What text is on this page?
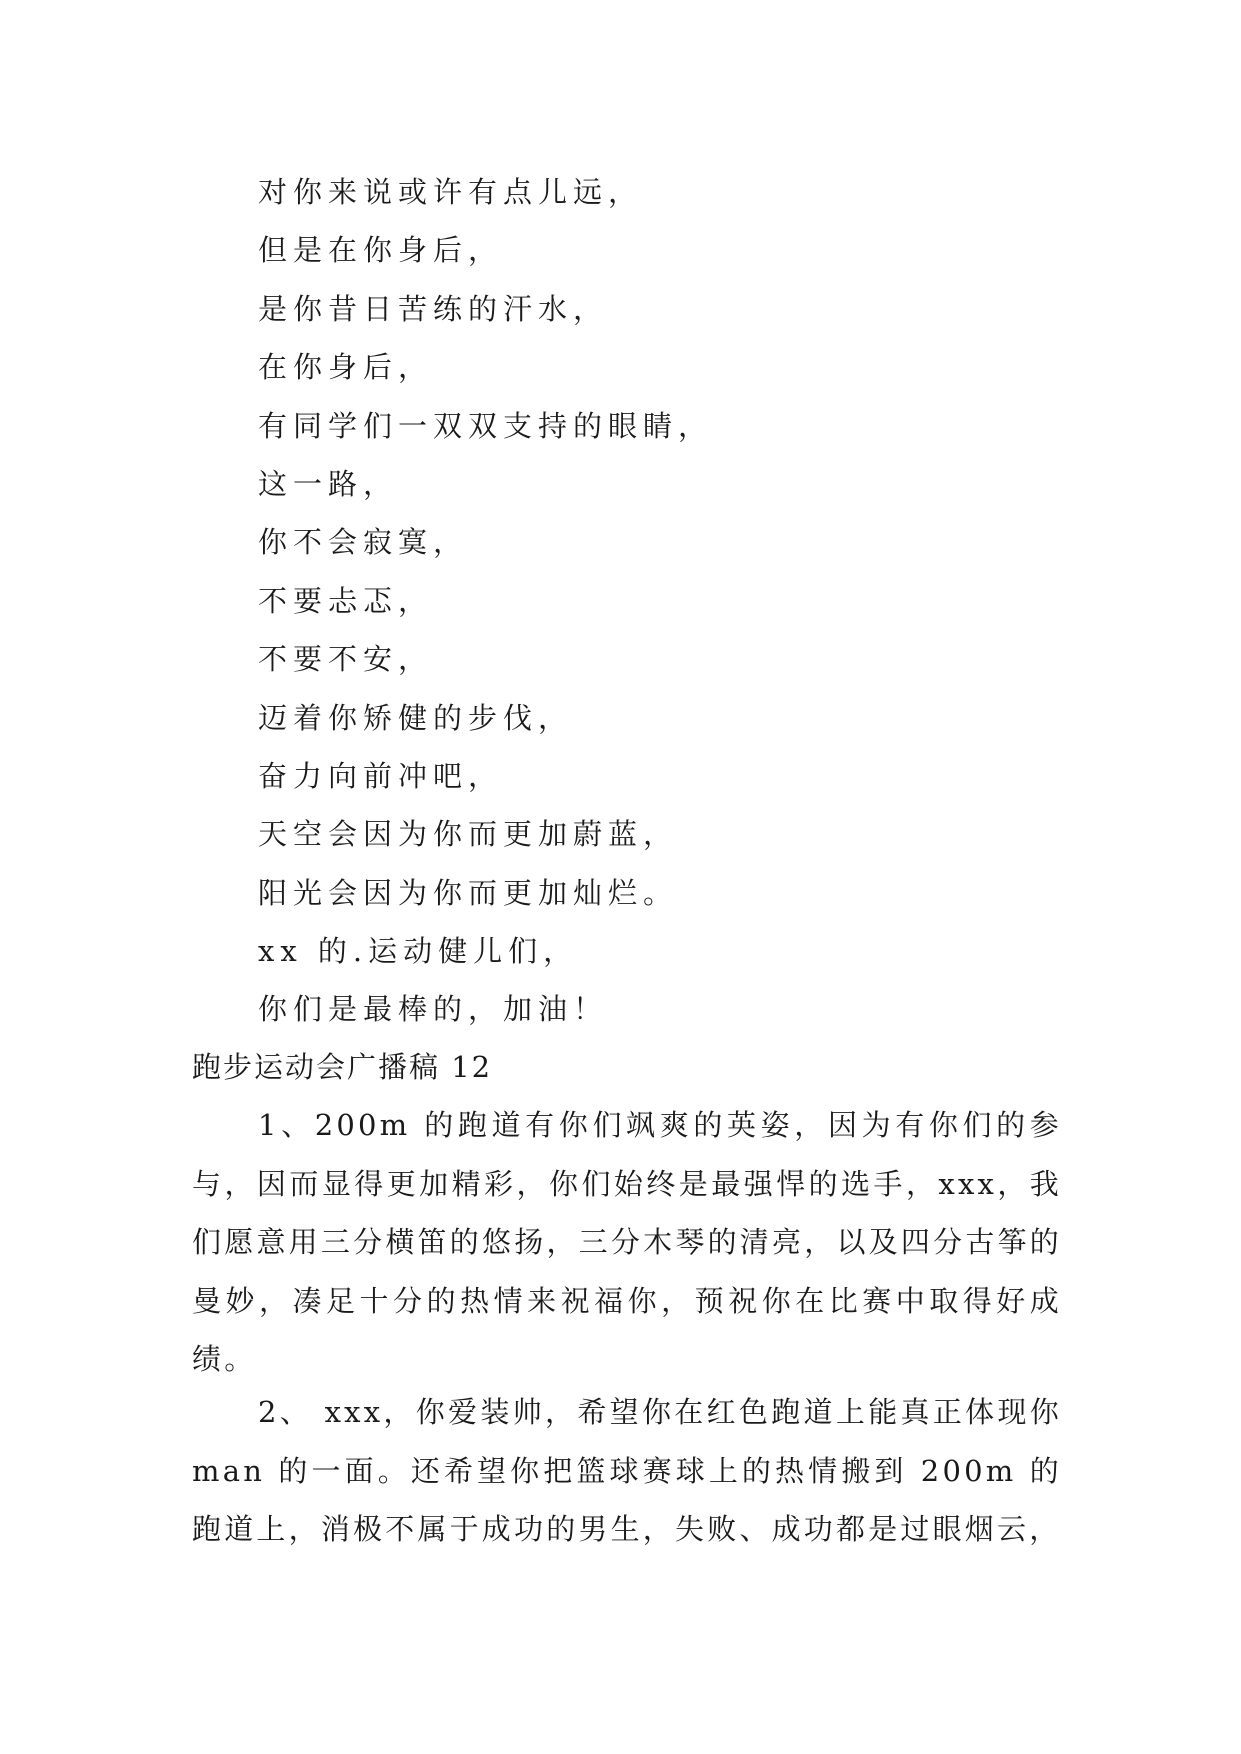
对你来说或许有点儿远，
但是在你身后，
是你昔日苦练的汗水，
在你身后，
有同学们一双双支持的眼睛，
这一路，
你不会寂寞，
不要忐忑，
不要不安，
迈着你矫健的步伐，
奋力向前冲吧，
天空会因为你而更加蔚蓝，
阳光会因为你而更加灿烂。
xx 的.运动健儿们，
你们是最棒的，加油！
跑步运动会广播稿 12

1、200m 的跑道有你们飒爽的英姿，因为有你们的参与，因而显得更加精彩，你们始终是最强悍的选手，xxx，我们愿意用三分横笛的悠扬，三分木琴的清亮，以及四分古筝的曼妙，凑足十分的热情来祝福你，预祝你在比赛中取得好成绩。

2、 xxx，你爱装帅，希望你在红色跑道上能真正体现你 man 的一面。还希望你把篮球赛球上的热情搬到 200m 的跑道上，消极不属于成功的男生，失败、成功都是过眼烟云，
